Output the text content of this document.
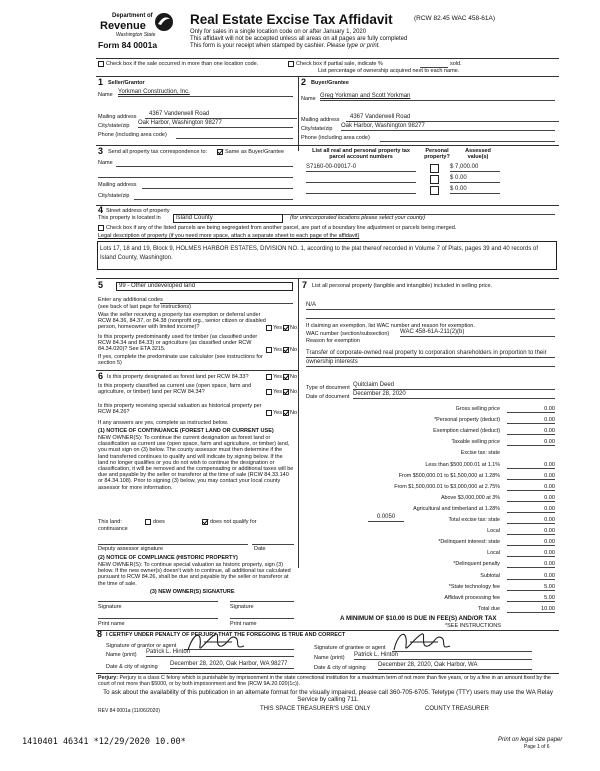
Department of
Revenue
Washington State
Form 84 0001a
Real Estate Excise Tax Affidavit	(RCW 82.45 WAC 458-61A)
Only for sales in a single location code on or after January 1, 2020
This affidavit will not be accepted unless all areas on all pages are fully completed
This form is your receipt when stamped by cashier. Please type or print.
Check box if the sale occurred in more than one location code.	Check box if partial sale, indicate %	sold.
List percentage of ownership acquired next to each name.
1 Seller/Grantor
Name Yorkman Construction, Inc.
Mailing address	4367 Vanderwell Road
City/state/zip Oak Harbor, Washington 98277
Phone (including area code)
2 Buyer/Grantee
Name Greg Yorkman and Scott Yorkman
Mailing address	4367 Vanderwell Road
City/state/zip Oak Harbor, Washington 98277
Phone (including area code)
3 Send all property tax correspondence to:	Same as Buyer/Grantee
Name
Mailing address
City/state/zip
List all real and personal property tax parcel account numbers
Personal property?
Assessed value(s)
S7160-00-09017-0	$ 7,000.00
$ 0.00
$ 0.00
4 Street address of property
This property is located in	Island County	(for unincorporated locations please select your county)
Check box if any of the listed parcels are being segregated from another parcel, are part of a boundary line adjustment or parcels being merged.
Legal description of property (if you need more space, attach a separate sheet to each page of the affidavit)
Lots 17, 18 and 19, Block 9, HOLMES HARBOR ESTATES, DIVISION NO. 1, according to the plat thereof recorded in Volume 7 of Plats, pages 39 and 40 records of Island County, Washington.
5	99 - Other undeveloped land
Enter any additional codes
(see back of last page for instructions)
Was the seller receiving a property tax exemption or deferral under RCW 84.36, 84.37, or 84.38 (nonprofit org., senior citizen or disabled person, homeowner with limited income)?	Yes No
Is this property predominantly used for timber (as classified under RCW 84.34 and 84.33) or agriculture (as classified under RCW 84.34.020)? See ETA 3215.	Yes No
If yes, complete the predominate use calculator (see instructions for section 5)
6 Is this property designated as forest land per RCW 84.33?	Yes No
Is this property classified as current use (open space, farm and agriculture, or timber) land per RCW 84.34?	Yes No
Is this property receiving special valuation as historical property per RCW 84.26?	Yes No
If any answers are yes, complete as instructed below.
(1) NOTICE OF CONTINUANCE (FOREST LAND OR CURRENT USE)
NEW OWNER(S): To continue the current designation as forest land or classification as current use (open space, farm and agriculture, or timber) land, you must sign on (3) below. The county assessor must then determine if the land transferred continues to qualify and will indicate by signing below. If the land no longer qualifies or you do not wish to continue the designation or classification, it will be removed and the compensating or additional taxes will be due and payable by the seller or transferor at the time of sale (RCW 84.33.140 or 84.34.108). Prior to signing (3) below, you may contact your local county assessor for more information.
This land:	does	does not qualify for
continuance
Deputy assessor signature	Date
(2) NOTICE OF COMPLIANCE (HISTORIC PROPERTY)
NEW OWNER(S): To continue special valuation as historic property, sign (3) below. If the new owner(s) doesn't wish to continue, all additional tax calculated pursuant to RCW 84.26, shall be due and payable by the seller or transferor at the time of sale.
(3) NEW OWNER(S) SIGNATURE
Signature	Signature
Print name	Print name
7 List all personal property (tangible and intangible) included in selling price.
N/A
If claiming an exemption, list WAC number and reason for exemption.
WAC number (section/subsection) WAC 458-61A-211(2)(b)
Reason for exemption
Transfer of corporate-owned real property to corporation shareholders in proportion to their ownership interests
Type of document Quitclaim Deed
Date of document December 28, 2020
Gross selling price	0.00
*Personal property (deduct)	0.00
Exemption claimed (deduct)	0.00
Taxable selling price	0.00
Excise tax: state
Less than $500,000.01 at 1.1%	0.00
From $500,000.01 to $1,500,000 at 1.28%	0.00
From $1,500,000.01 to $3,000,000 at 2.75%	0.00
Above $3,000,000 at 3%	0.00
Agricultural and timberland at 1.28%	0.00
Total excise tax: state	0.00
Local	0.00
*Delinquent interest: state	0.00
Local	0.00
*Delinquent penalty	0.00
Subtotal	0.00
*State technology fee	5.00
Affidavit processing fee	5.00
Total due	10.00
0.0050
A MINIMUM OF $10.00 IS DUE IN FEE(S) AND/OR TAX
*SEE INSTRUCTIONS
8 I CERTIFY UNDER PENALTY OF PERJURY THAT THE FOREGOING IS TRUE AND CORRECT
Signature of grantor or agent
Name (print) Patrick L. Hinton
Date & city of signing December 28, 2020, Oak Harbor, WA 98277
Signature of grantee or agent
Name (print) Patrick L. Hinton
Date & city of signing December 28, 2020, Oak Harbor, WA
Perjury: Perjury is a class C felony which is punishable by imprisonment in the state correctional institution for a maximum term of not more than five years, or by a fine in an amount fixed by the court of not more than $5000, or by both imprisonment and fine (RCW 9A.20.020(1c)).
To ask about the availability of this publication in an alternate format for the visually impaired, please call 360-705-6705. Teletype (TTY) users may use the WA Relay Service by calling 711.
REV 84 0001a (11/06/2020)	THIS SPACE TREASURER'S USE ONLY	COUNTY TREASURER
1410401 46341 *12/29/2020 10.00*	Print on legal size paper
Page 1 of 6
